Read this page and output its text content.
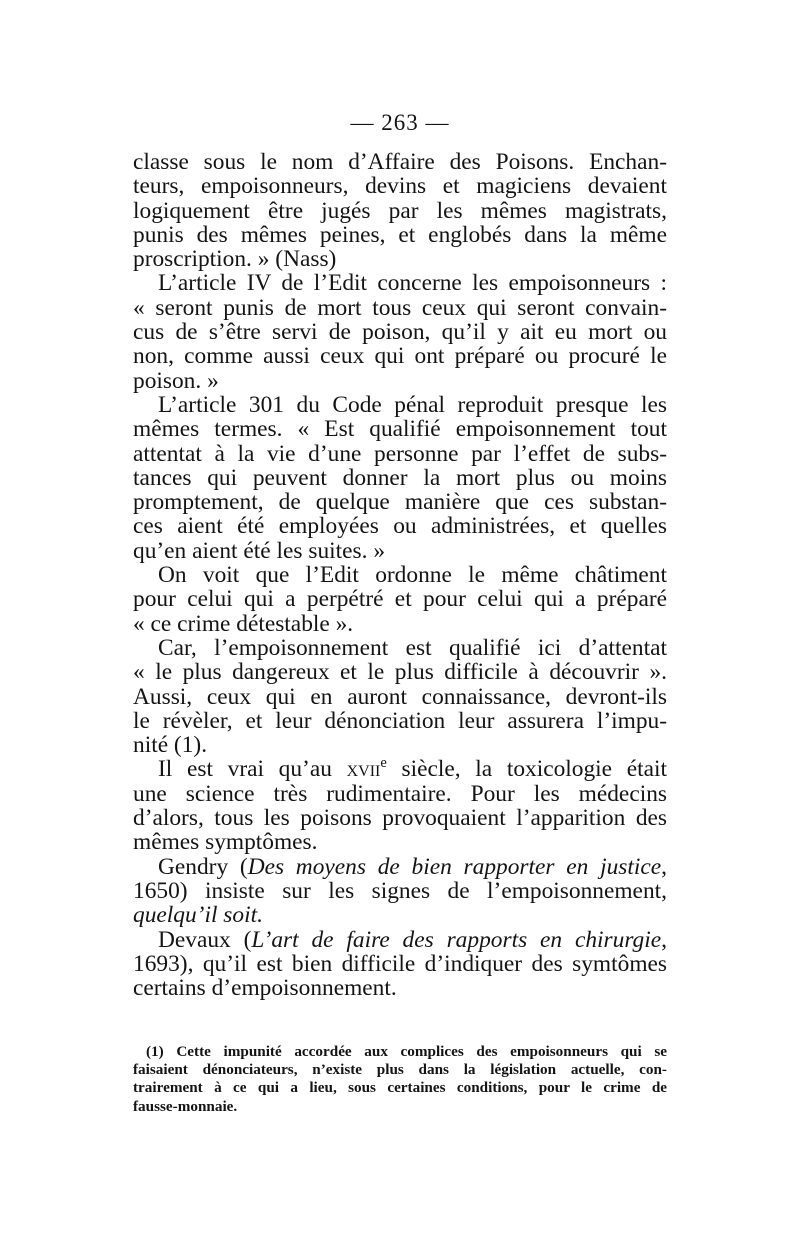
— 263 —
classe sous le nom d’Affaire des Poisons. Enchan-
teurs, empoisonneurs, devins et magiciens devaient
logiquement être jugés par les mêmes magistrats,
punis des mêmes peines, et englobés dans la même
proscription. » (Nass)
L’article IV de l’Edit concerne les empoisonneurs :
« seront punis de mort tous ceux qui seront convain-
cus de s’être servi de poison, qu’il y ait eu mort ou
non, comme aussi ceux qui ont préparé ou procuré le
poison. »
L’article 301 du Code pénal reproduit presque les
mêmes termes. « Est qualifié empoisonnement tout
attentat à la vie d’une personne par l’effet de subs-
tances qui peuvent donner la mort plus ou moins
promptement, de quelque manière que ces substan-
ces aient été employées ou administrées, et quelles
qu’en aient été les suites. »
On voit que l’Edit ordonne le même châtiment
pour celui qui a perpétré et pour celui qui a préparé
« ce crime détestable ».
Car, l’empoisonnement est qualifié ici d’attentat
« le plus dangereux et le plus difficile à découvrir ».
Aussi, ceux qui en auront connaissance, devront-ils
le révèler, et leur dénonciation leur assurera l’impu-
nité (1).
Il est vrai qu’au xvii$^e$ siècle, la toxicologie était
une science très rudimentaire. Pour les médecins
d’alors, tous les poisons provoquaient l’apparition des
mêmes symptômes.
Gendry (Des moyens de bien rapporter en justice,
1650) insiste sur les signes de l’empoisonnement,
quelqu’il soit.
Devaux (L’art de faire des rapports en chirurgie,
1693), qu’il est bien difficile d’indiquer des symtômes
certains d’empoisonnement.
(1) Cette impunité accordée aux complices des empoisonneurs qui se
faisaient dénonciateurs, n’existe plus dans la législation actuelle, con-
trairement à ce qui a lieu, sous certaines conditions, pour le crime de
fausse-monnaie.
